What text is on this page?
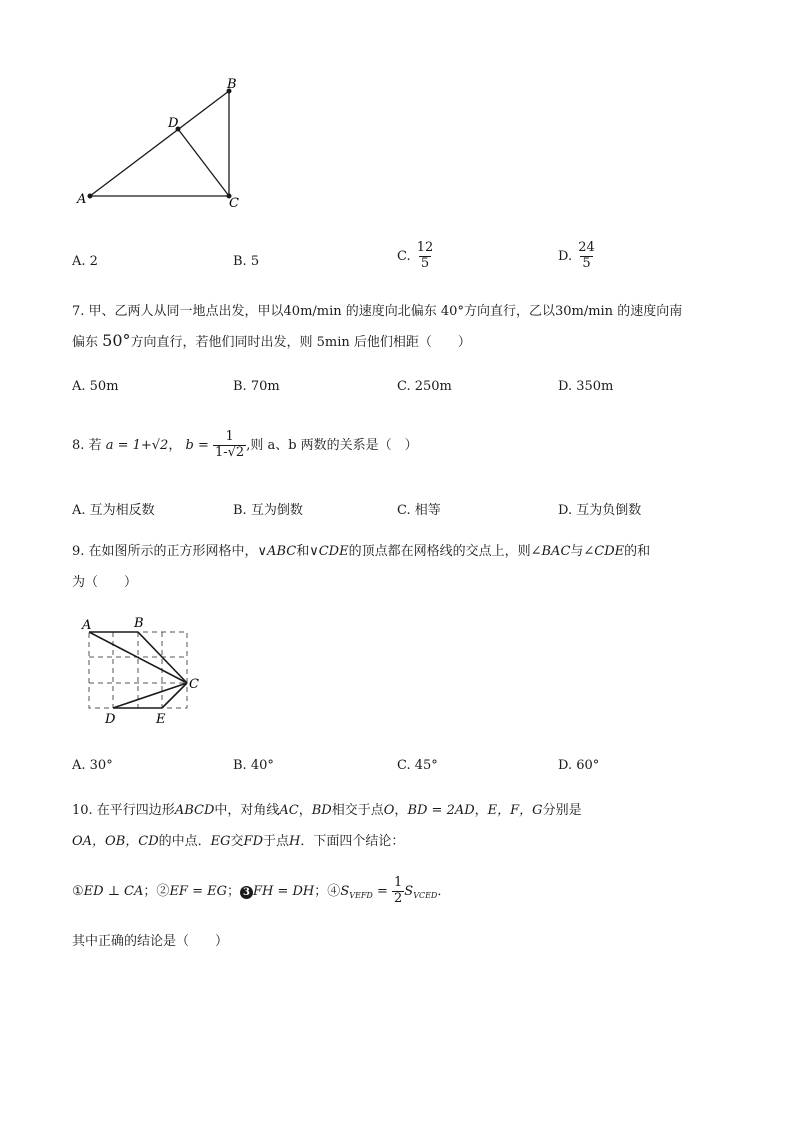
A
B
C
D
A. 2	B. 5	C. $\frac{12}{5}$	D. $\frac{24}{5}$
7. 甲、乙两人从同一地点出发，甲以40m/min 的速度向北偏东 40°方向直行，乙以30m/min 的速度向南
偏东 50°方向直行，若他们同时出发，则 5min 后他们相距（　　）
A. 50m	B. 70m	C. 250m	D. 350m
8. 若 a = 1+√2， $b = \frac{1}{1-√2}$ ,则 a、b 两数的关系是（　）
A. 互为相反数	B. 互为倒数	C. 相等	D. 互为负倒数
9. 在如图所示的正方形网格中，∨ABC和∨CDE的顶点都在网格线的交点上，则∠BAC与∠CDE的和
为（　　）
A	B
C
D	E
A. 30°	B. 40°	C. 45°	D. 60°
10. 在平行四边形ABCD中，对角线AC，BD相交于点O，BD = 2AD，E，F，G分别是
OA，OB，CD的中点．EG交FD于点H．下面四个结论：
①ED ⊥ CA；②EF = EG； 3 FH = DH；$④S_{VEFD} = \frac{1}{2} S_{VCED}$．
其中正确的结论是（　　）
